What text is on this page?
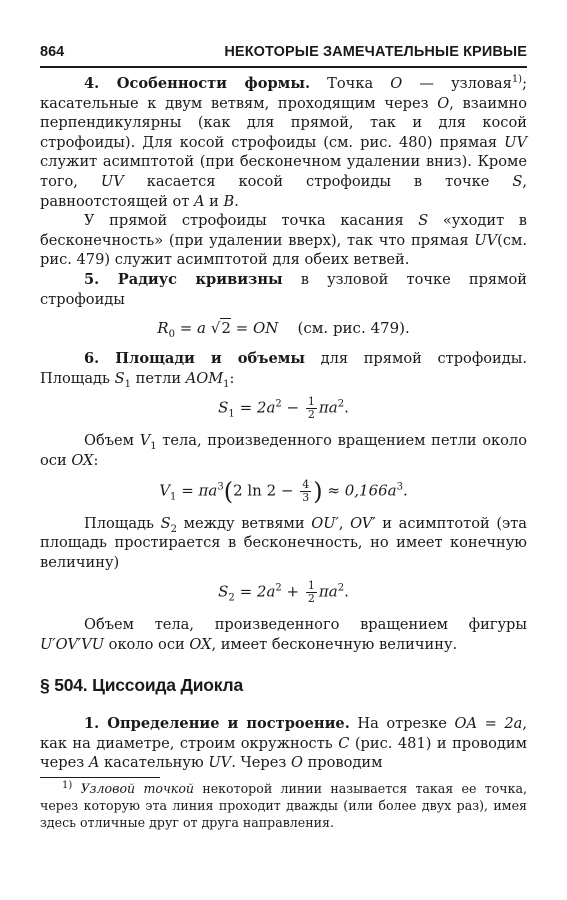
864	НЕКОТОРЫЕ ЗАМЕЧАТЕЛЬНЫЕ КРИВЫЕ

4. Особенности формы. Точка O — узловая$^{1)}$; касательные к двум ветвям, проходящим через O, взаимно перпендикулярны (как для прямой, так и для косой строфоиды). Для косой строфоиды (см. рис. 480) прямая UV служит асимптотой (при бесконечном удалении вниз). Кроме того, UV касается косой строфоиды в точке S, равноотстоящей от A и B.

У прямой строфоиды точка касания S «уходит в бесконечность» (при удалении вверх), так что прямая UV(см. рис. 479) служит асимптотой для обеих ветвей.

5. Радиус кривизны в узловой точке прямой строфоиды

$R_0 = a$ √2 = ON (см. рис. 479).

6. Площади и объемы для прямой строфоиды. Площадь $S_1$ петли $AOM_1$:

$S_1 = 2a^2 - \frac{1}{2} \pi a^2$.

Объем $V_1$ тела, произведенного вращением петли около оси OX:

$V_1 = \pi a^3(2$ $\ln 2 - \frac{4}{3}$ ) ≈ $0,166a^3$.

Площадь $S_2$ между ветвями OU′, OV′ и асимптотой (эта площадь простирается в бесконечность, но имеет конечную величину)

$S_2 = 2a^2 + \frac{1}{2} \pi a^2$.

Объем тела, произведенного вращением фигуры U′OV′VU около оси OX, имеет бесконечную величину.

§ 504. Циссоида Диокла

1. Определение и построение. На отрезке OA = 2a, как на диаметре, строим окружность C (рис. 481) и проводим через A касательную UV. Через O проводим

$^{1)}$ Узловой точкой некоторой линии называется такая ее точка, через которую эта линия проходит дважды (или более двух раз), имея здесь отличные друг от друга направления.
